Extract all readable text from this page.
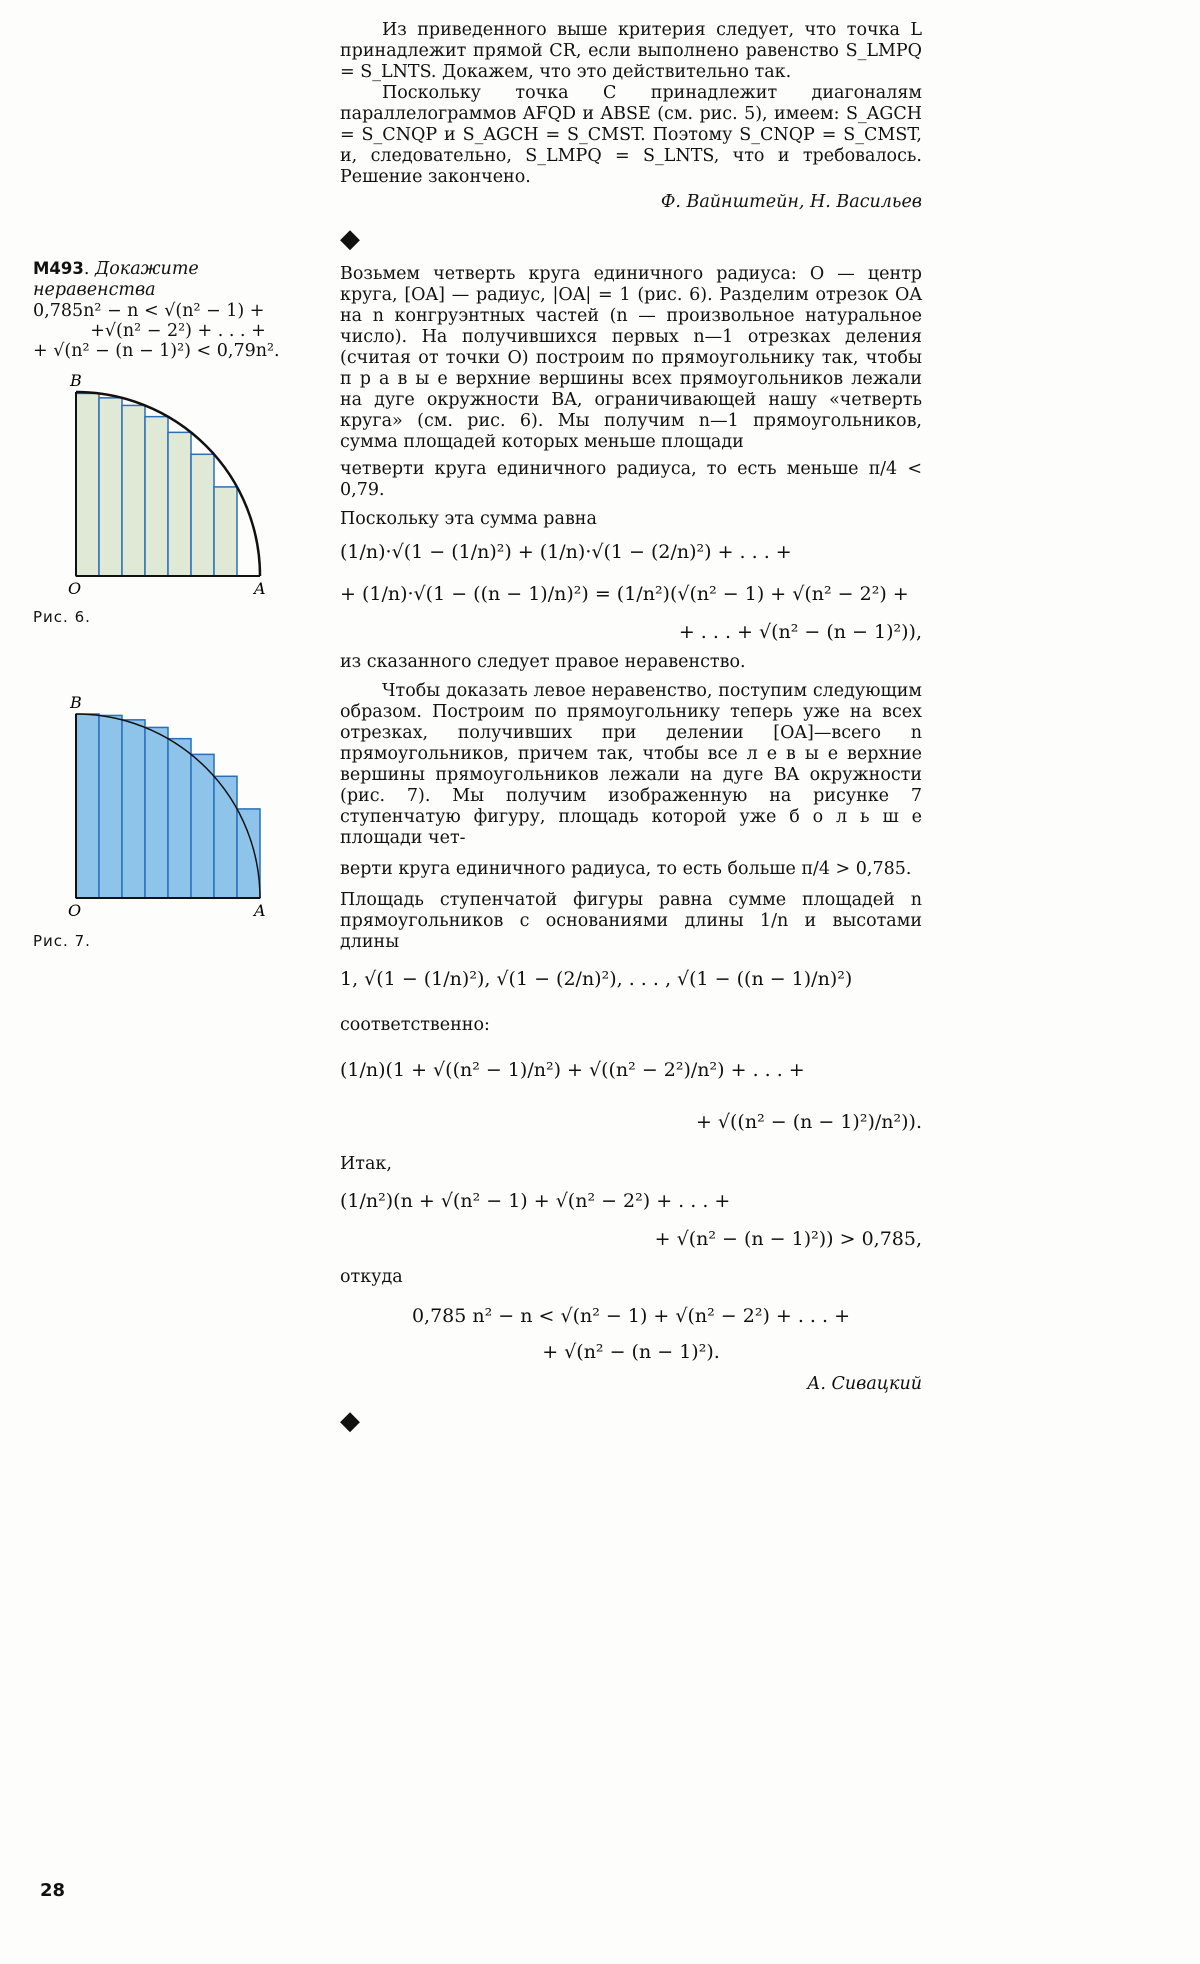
Из приведенного выше критерия следует, что точка L принадлежит прямой CR, если выполнено равенство S_LMPQ = S_LNTS. Докажем, что это действительно так.

Поскольку точка C принадлежит диагоналям параллелограммов AFQD и ABSE (см. рис. 5), имеем: S_AGCH = S_CNQP и S_AGCH = S_CMST. Поэтому S_CNQP = S_CMST, и, следовательно, S_LMPQ = S_LNTS, что и требовалось. Решение закончено.

Ф. Вайнштейн, Н. Васильев
◆

Возьмем четверть круга единичного радиуса: O — центр круга, [OA] — радиус, |OA| = 1 (рис. 6). Разделим отрезок OA на n конгруэнтных частей (n — произвольное натуральное число). На получившихся первых n—1 отрезках деления (считая от точки O) построим по прямоугольнику так, чтобы п р а в ы е верхние вершины всех прямоугольников лежали на дуге окружности BA, ограничивающей нашу «четверть круга» (см. рис. 6). Мы получим n—1 прямоугольников, сумма площадей которых меньше площади

четверти круга единичного радиуса, то есть меньше π/4 < 0,79.

Поскольку эта сумма равна

(1/n)·√(1 − (1/n)²) + (1/n)·√(1 − (2/n)²) + . . . +
+ (1/n)·√(1 − ((n − 1)/n)²) = (1/n²)(√(n² − 1) + √(n² − 2²) +
+ . . . + √(n² − (n − 1)²)),

из сказанного следует правое неравенство.

Чтобы доказать левое неравенство, поступим следующим образом. Построим по прямоугольнику теперь уже на всех отрезках, получивших при делении [OA]—всего n прямоугольников, причем так, чтобы все л е в ы е верхние вершины прямоугольников лежали на дуге BA окружности (рис. 7). Мы получим изображенную на рисунке 7 ступенчатую фигуру, площадь которой уже б о л ь ш е площади чет-

верти круга единичного радиуса, то есть больше π/4 > 0,785.

Площадь ступенчатой фигуры равна сумме площадей n прямоугольников с основаниями длины 1/n и высотами длины

1, √(1 − (1/n)²), √(1 − (2/n)²), . . . , √(1 − ((n − 1)/n)²)

соответственно:

(1/n)(1 + √((n² − 1)/n²) + √((n² − 2²)/n²) + . . . +
+ √((n² − (n − 1)²)/n²)).

Итак,

(1/n²)(n + √(n² − 1) + √(n² − 2²) + . . . +
+ √(n² − (n − 1)²)) > 0,785,

откуда

0,785 n² − n < √(n² − 1) + √(n² − 2²) + . . . +
+ √(n² − (n − 1)²).
А. Сивацкий
◆
M493. Докажите неравенства
0,785n² − n < √(n² − 1) +
+√(n² − 2²) + . . . +
+ √(n² − (n − 1)²) < 0,79n².
B
O	A
Рис. 6.
B
O	A
Рис. 7.
28
